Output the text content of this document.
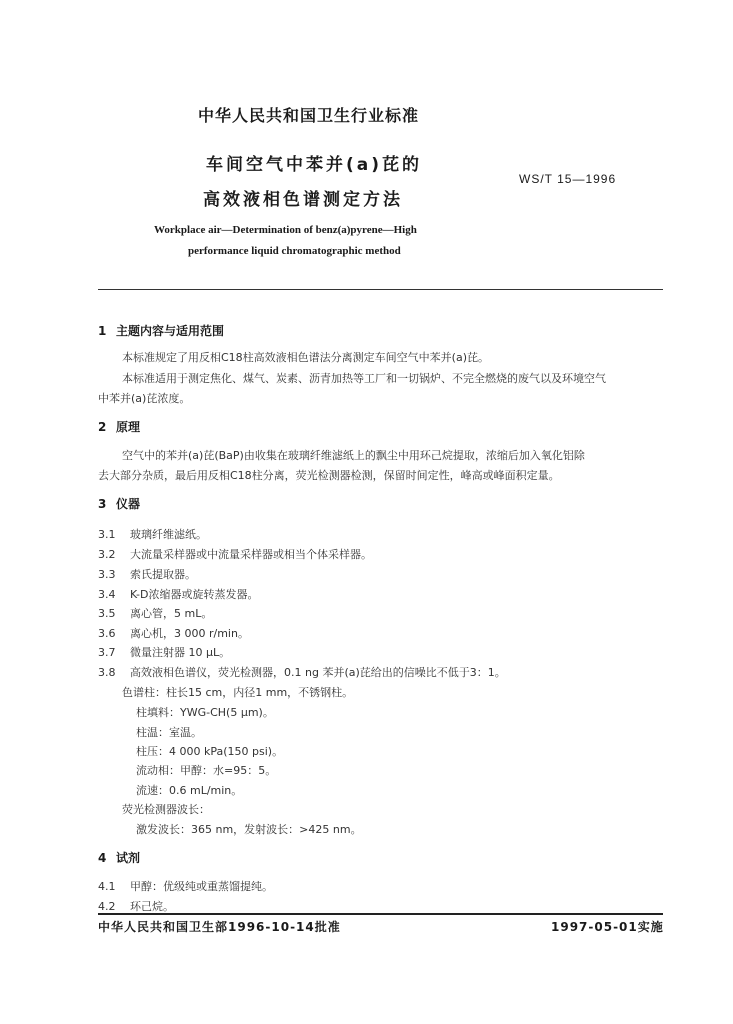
中华人民共和国卫生行业标准
车间空气中苯并(a)芘的
高效液相色谱测定方法
WS/T 15—1996
Workplace air—Determination of benz(a)pyrene—High
performance liquid chromatographic method
1 主题内容与适用范围
本标准规定了用反相C18柱高效液相色谱法分离测定车间空气中苯并(a)芘。
本标准适用于测定焦化、煤气、炭素、沥青加热等工厂和一切锅炉、不完全燃烧的废气以及环境空气
中苯并(a)芘浓度。
2 原理
空气中的苯并(a)芘(BaP)由收集在玻璃纤维滤纸上的飘尘中用环己烷提取，浓缩后加入氧化铝除
去大部分杂质，最后用反相C18柱分离，荧光检测器检测，保留时间定性，峰高或峰面积定量。
3 仪器
3.1 玻璃纤维滤纸。
3.2 大流量采样器或中流量采样器或相当个体采样器。
3.3 索氏提取器。
3.4 K-D浓缩器或旋转蒸发器。
3.5 离心管，5 mL。
3.6 离心机，3 000 r/min。
3.7 微量注射器 10 μL。
3.8 高效液相色谱仪，荧光检测器，0.1 ng 苯并(a)芘给出的信噪比不低于3：1。
色谱柱：柱长15 cm，内径1 mm，不锈钢柱。
柱填料：YWG-CH(5 μm)。
柱温：室温。
柱压：4 000 kPa(150 psi)。
流动相：甲醇：水=95：5。
流速：0.6 mL/min。
荧光检测器波长：
激发波长：365 nm，发射波长：>425 nm。
4 试剂
4.1 甲醇：优级纯或重蒸馏提纯。
4.2 环己烷。
中华人民共和国卫生部1996-10-14批准	1997-05-01实施
